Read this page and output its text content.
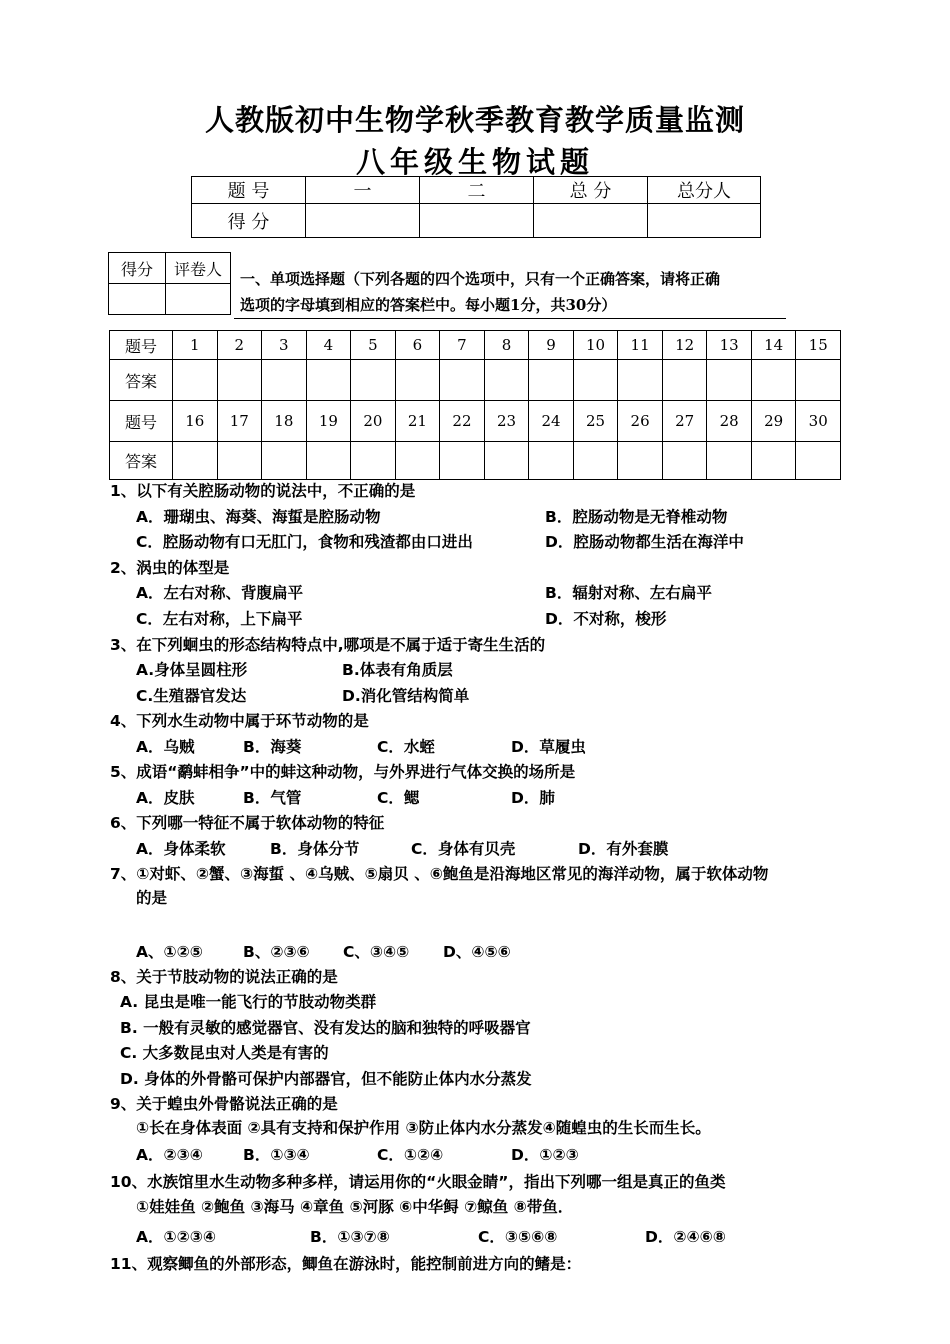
人教版初中生物学秋季教育教学质量监测
八年级生物试题
题 号	一	二	总 分	总分人
得 分				
得分	评卷人

一、单项选择题（下列各题的四个选项中，只有一个正确答案，请将正确
选项的字母填到相应的答案栏中。每小题1分，共30分）
题号	1	2	3	4	5	6	7	8	9	10	11	12	13	14	15
答案															
题号	16	17	18	19	20	21	22	23	24	25	26	27	28	29	30
答案															
1、以下有关腔肠动物的说法中，不正确的是
A．珊瑚虫、海葵、海蜇是腔肠动物	B．腔肠动物是无脊椎动物
C．腔肠动物有口无肛门，食物和残渣都由口进出	D．腔肠动物都生活在海洋中
2、涡虫的体型是
A．左右对称、背腹扁平	B．辐射对称、左右扁平
C．左右对称，上下扁平	D．不对称，梭形
3、在下列蛔虫的形态结构特点中,哪项是不属于适于寄生生活的
A.身体呈圆柱形	B.体表有角质层
C.生殖器官发达	D.消化管结构简单
4、下列水生动物中属于环节动物的是
A．乌贼	B．海葵	C．水蛭	D．草履虫
5、成语“鹬蚌相争”中的蚌这种动物，与外界进行气体交换的场所是
A．皮肤	B．气管	C．鳃	D．肺
6、下列哪一特征不属于软体动物的特征
A．身体柔软	B．身体分节	C．身体有贝壳	D．有外套膜
7、①对虾、②蟹、③海蜇 、④乌贼、⑤扇贝 、⑥鲍鱼是沿海地区常见的海洋动物，属于软体动物
的是
A、①②⑤	B、②③⑥ C、③④⑤ D、④⑤⑥
8、关于节肢动物的说法正确的是
A. 昆虫是唯一能飞行的节肢动物类群
B. 一般有灵敏的感觉器官、没有发达的脑和独特的呼吸器官
C. 大多数昆虫对人类是有害的
D. 身体的外骨骼可保护内部器官，但不能防止体内水分蒸发
9、关于蝗虫外骨骼说法正确的是
①长在身体表面 ②具有支持和保护作用 ③防止体内水分蒸发④随蝗虫的生长而生长。
A．②③④	B．①③④	C．①②④	D．①②③
10、水族馆里水生动物多种多样，请运用你的“火眼金睛”，指出下列哪一组是真正的鱼类
①娃娃鱼 ②鲍鱼 ③海马 ④章鱼 ⑤河豚 ⑥中华鲟 ⑦鲸鱼 ⑧带鱼．
A．①②③④	B．①③⑦⑧	C．③⑤⑥⑧	D．②④⑥⑧
11、观察鲫鱼的外部形态，鲫鱼在游泳时，能控制前进方向的鳍是：
